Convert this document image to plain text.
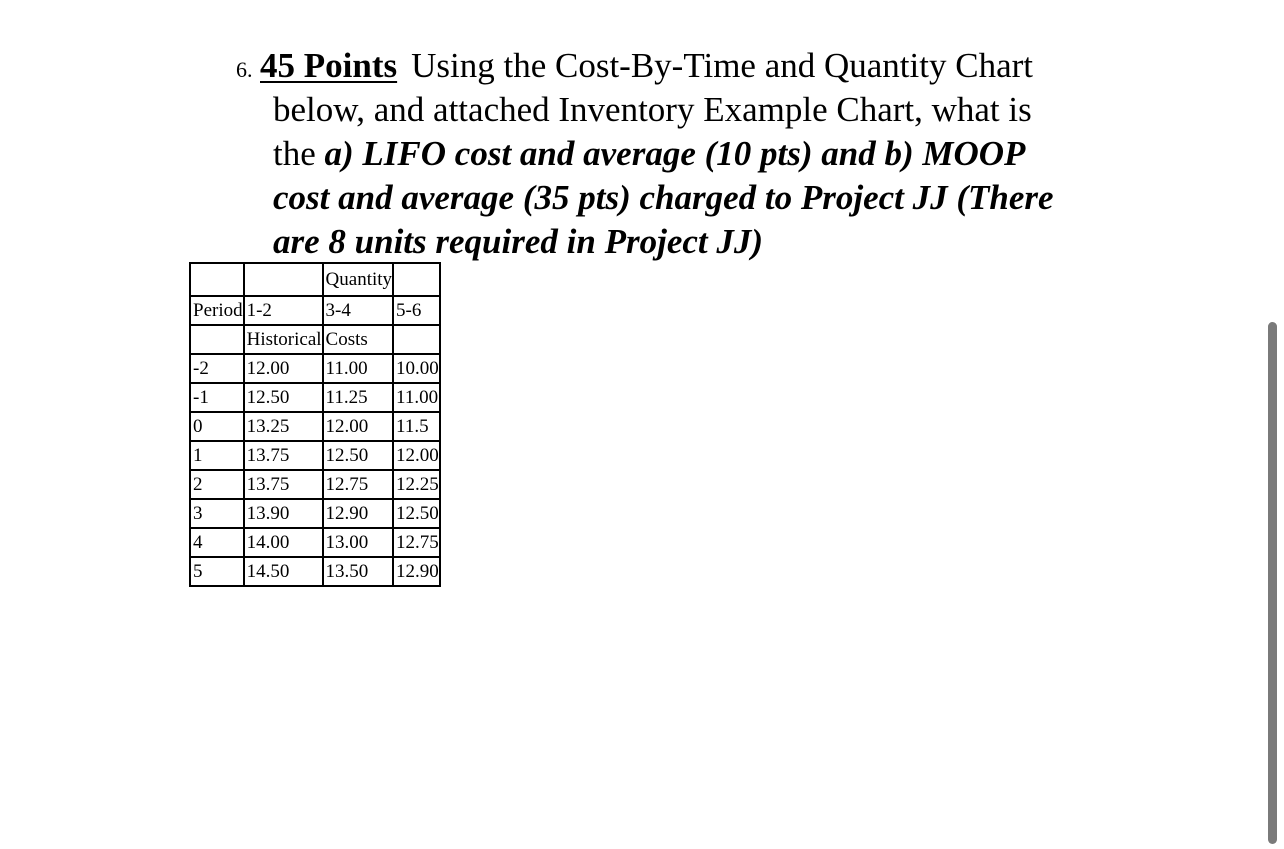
6. 45 Points Using the Cost-By-Time and Quantity Chart
below, and attached Inventory Example Chart, what is
the a) LIFO cost and average (10 pts) and b) MOOP
cost and average (35 pts) charged to Project JJ (There
are 8 units required in Project JJ)
		Quantity		
Period	1-2	3-4	5-6	
	Historical	Costs		
-2	12.00	11.00	10.00	
-1	12.50	11.25	11.00	
0	13.25	12.00	11.5	
1	13.75	12.50	12.00	
2	13.75	12.75	12.25	
3	13.90	12.90	12.50	
4	14.00	13.00	12.75	
5	14.50	13.50	12.90	
